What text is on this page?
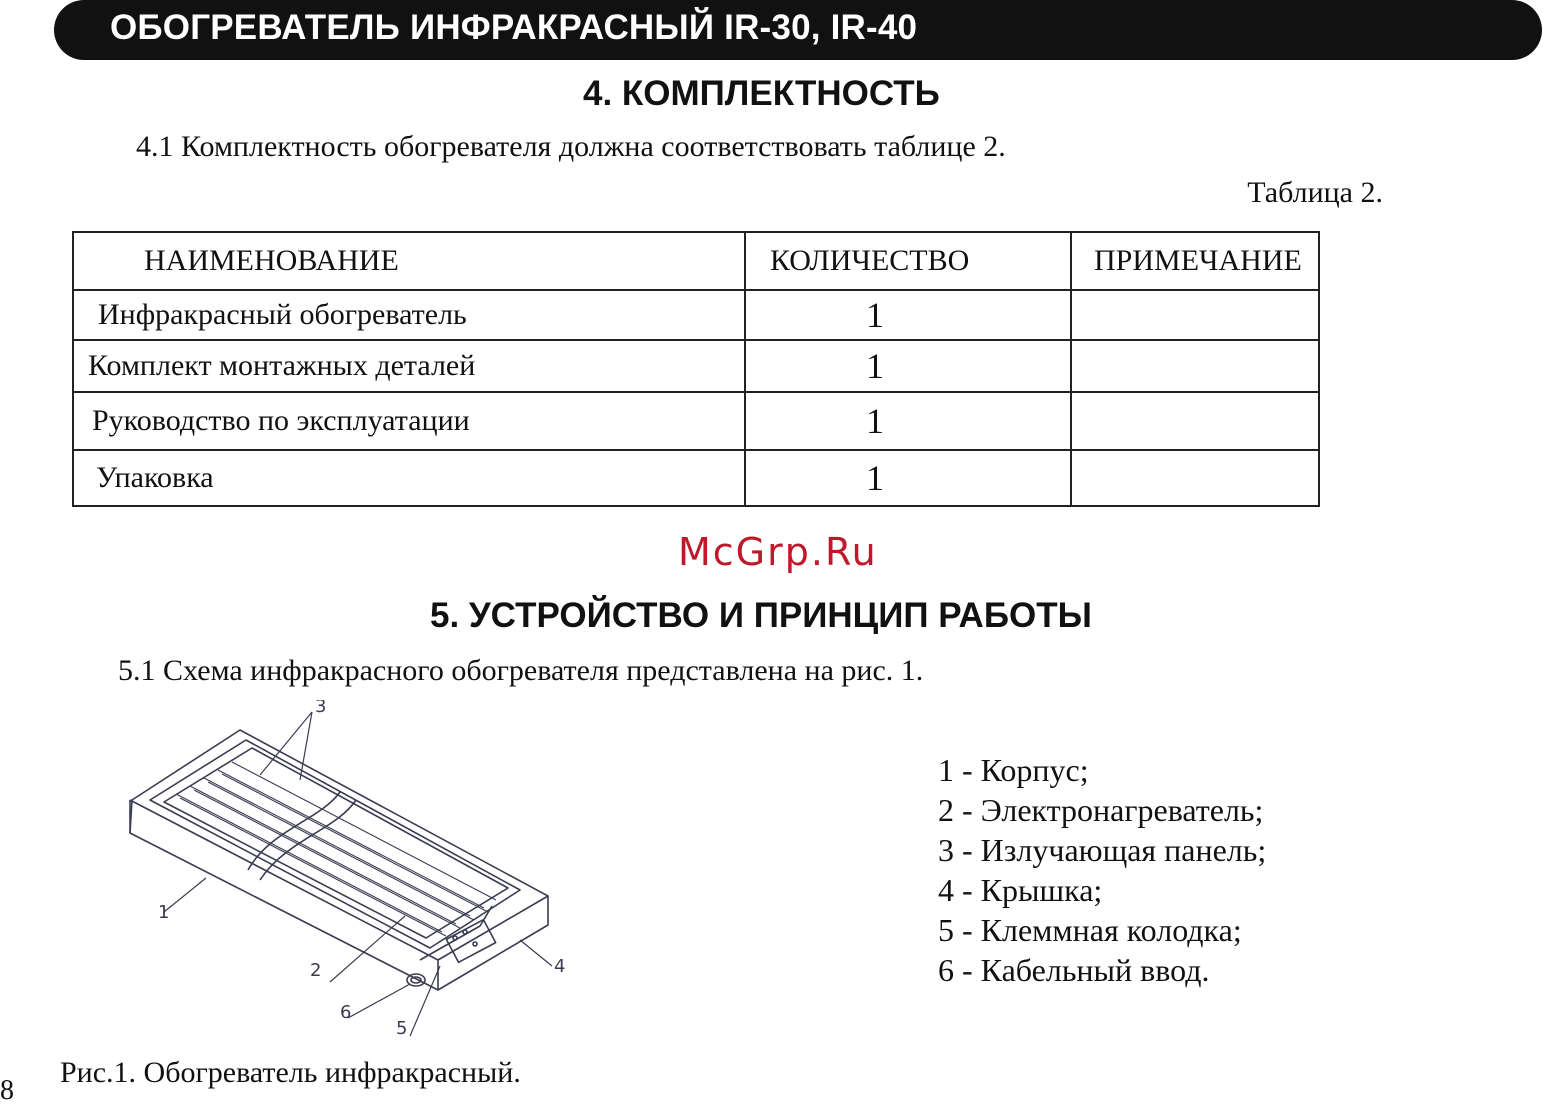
ОБОГРЕВАТЕЛЬ ИНФРАКРАСНЫЙ IR-30, IR-40
4. КОМПЛЕКТНОСТЬ
4.1 Комплектность обогревателя должна соответствовать таблице 2.
Таблица 2.
НАИМЕНОВАНИЕ	КОЛИЧЕСТВО	ПРИМЕЧАНИЕ
Инфракрасный обогреватель	1	
Комплект монтажных деталей	1	
Руководство по эксплуатации	1	
Упаковка	1	
McGrp.Ru
5. УСТРОЙСТВО И ПРИНЦИП РАБОТЫ
5.1 Схема инфракрасного обогревателя представлена на рис. 1.
3
1
2
6
5
4
1 - Корпус;
2 - Электронагреватель;
3 - Излучающая панель;
4 - Крышка;
5 - Клеммная колодка;
6 - Кабельный ввод.
Рис.1. Обогреватель инфракрасный.
8
